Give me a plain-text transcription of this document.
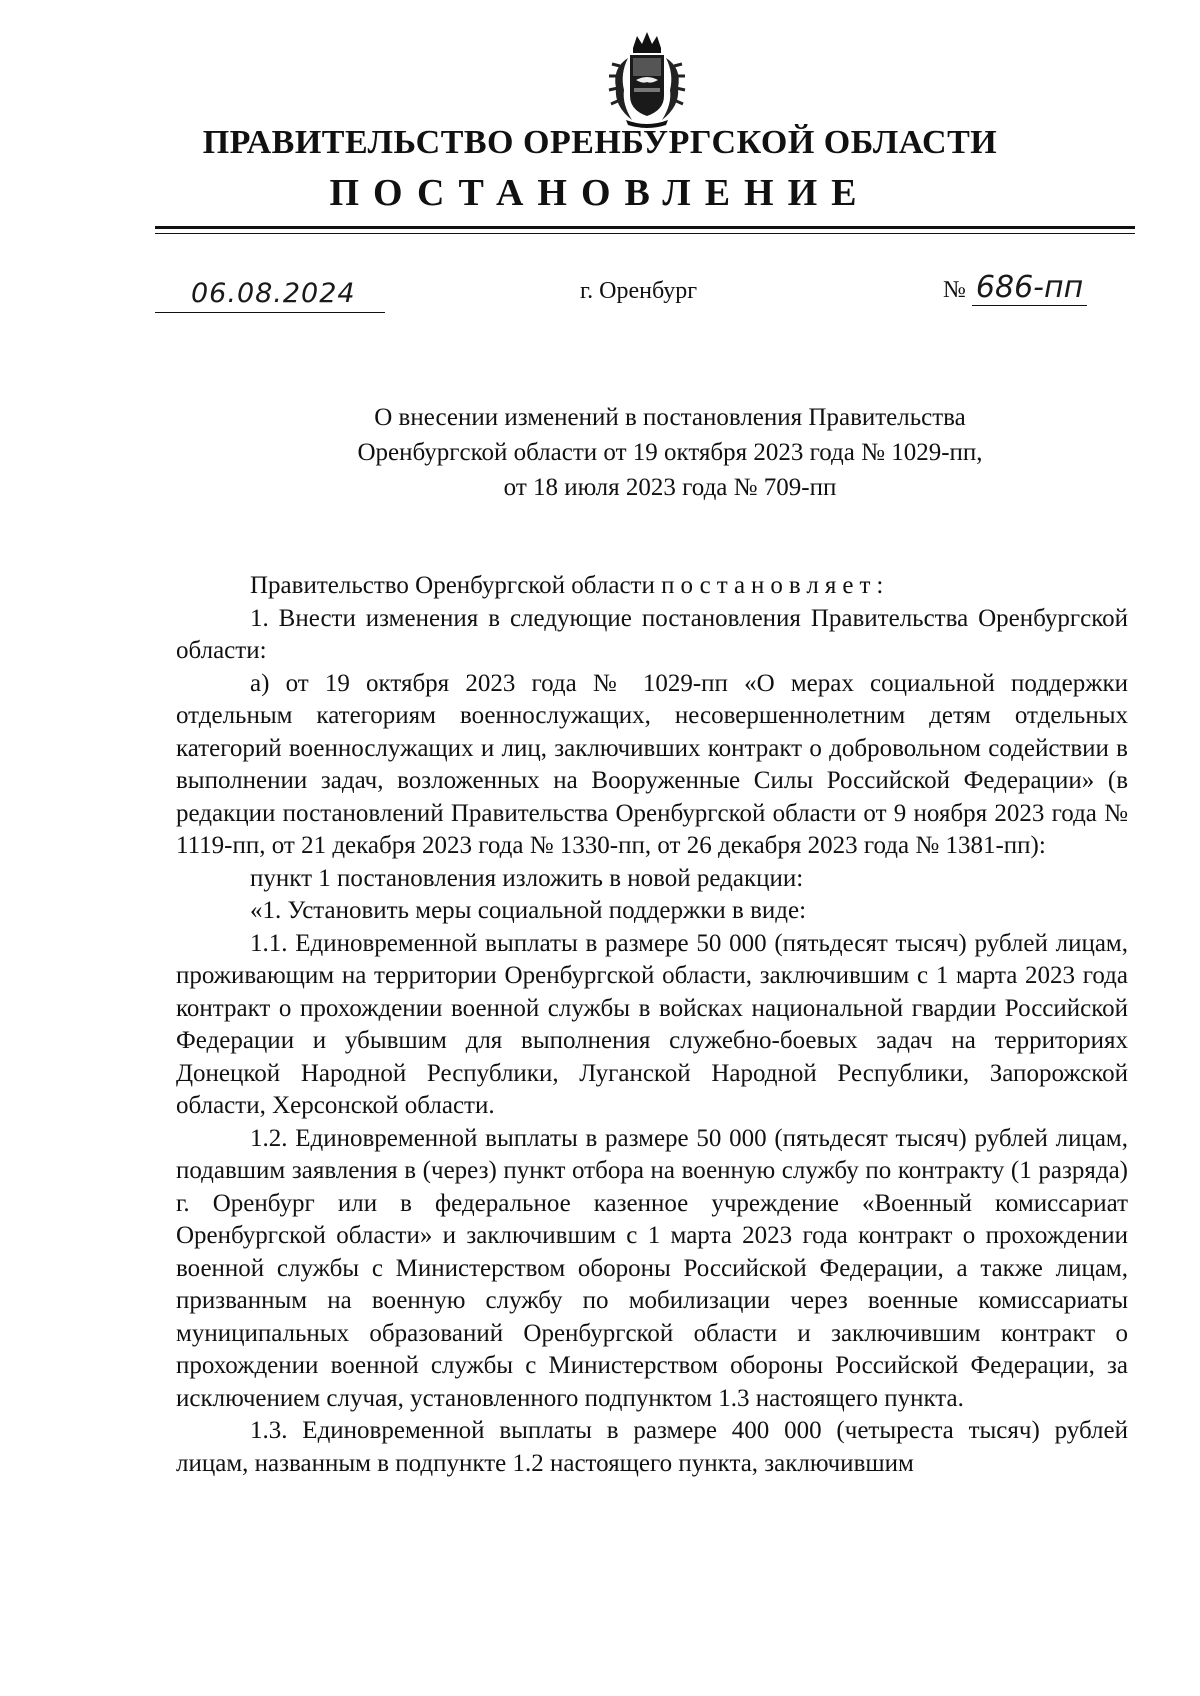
ПРАВИТЕЛЬСТВО ОРЕНБУРГСКОЙ ОБЛАСТИ
ПОСТАНОВЛЕНИЕ
06.08.2024	г. Оренбург	№ 686-пп
О внесении изменений в постановления Правительства
Оренбургской области от 19 октября 2023 года № 1029-пп,
от 18 июля 2023 года № 709-пп

Правительство Оренбургской области постановляет:

1. Внести изменения в следующие постановления Правительства Оренбургской области:

а) от 19 октября 2023 года № 1029-пп «О мерах социальной поддержки отдельным категориям военнослужащих, несовершеннолетним детям отдельных категорий военнослужащих и лиц, заключивших контракт о добровольном содействии в выполнении задач, возложенных на Вооруженные Силы Российской Федерации» (в редакции постановлений Правительства Оренбургской области от 9 ноября 2023 года № 1119-пп, от 21 декабря 2023 года № 1330-пп, от 26 декабря 2023 года № 1381-пп):

пункт 1 постановления изложить в новой редакции:

«1. Установить меры социальной поддержки в виде:

1.1. Единовременной выплаты в размере 50 000 (пятьдесят тысяч) рублей лицам, проживающим на территории Оренбургской области, заключившим с 1 марта 2023 года контракт о прохождении военной службы в войсках национальной гвардии Российской Федерации и убывшим для выполнения служебно-боевых задач на территориях Донецкой Народной Республики, Луганской Народной Республики, Запорожской области, Херсонской области.

1.2. Единовременной выплаты в размере 50 000 (пятьдесят тысяч) рублей лицам, подавшим заявления в (через) пункт отбора на военную службу по контракту (1 разряда) г. Оренбург или в федеральное казенное учреждение «Военный комиссариат Оренбургской области» и заключившим с 1 марта 2023 года контракт о прохождении военной службы с Министерством обороны Российской Федерации, а также лицам, призванным на военную службу по мобилизации через военные комиссариаты муниципальных образований Оренбургской области и заключившим контракт о прохождении военной службы с Министерством обороны Российской Федерации, за исключением случая, установленного подпунктом 1.3 настоящего пункта.

1.3. Единовременной выплаты в размере 400 000 (четыреста тысяч) рублей лицам, названным в подпункте 1.2 настоящего пункта, заключившим
